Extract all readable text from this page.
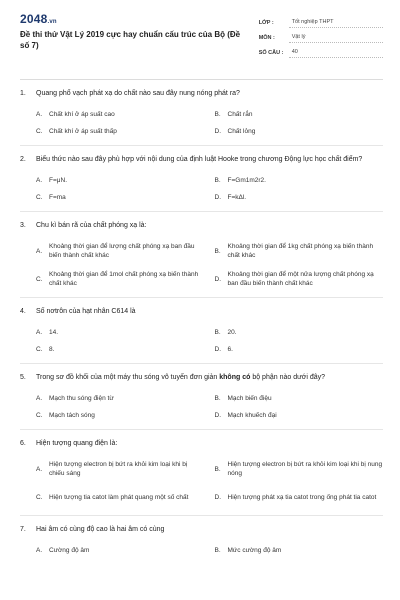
2048.vn
Đề thi thử Vật Lý 2019 cực hay chuẩn cấu trúc của Bộ (Đề số 7)
LỚP :	Tốt nghiệp THPT
MÔN :	Vật lý
SỐ CÂU :	40
1.	Quang phổ vạch phát xạ do chất nào sau đây nung nóng phát ra?
A.	Chất khí ở áp suất cao	B.	Chất rắn
C.	Chất khí ở áp suất thấp	D.	Chất lỏng
2.	Biểu thức nào sau đây phù hợp với nội dung của định luật Hooke trong chương Động lực học chất điểm?
A.	F=μN.	B.	F=Gm1m2r2.
C.	F=ma	D.	F=kΔl.
3.	Chu kì bán rã của chất phóng xạ là:
A.
Khoảng thời gian để lượng chất phóng xạ ban đầu biến thành chất khác
B.
Khoảng thời gian để 1kg chất phóng xạ biến thành chất khác
C.
Khoảng thời gian để 1mol chất phóng xạ biến thành chất khác
D.
Khoảng thời gian để một nửa lượng chất phóng xạ ban đầu biến thành chất khác
4.	Số nơtrôn của hạt nhân C614 là
A.	14.	B.	20.
C.	8.	D.	6.
5.	Trong sơ đồ khối của một máy thu sóng vô tuyến đơn giản không có bộ phận nào dưới đây?
A.	Mạch thu sóng điện từ	B.	Mạch biến điệu
C.	Mạch tách sóng	D.	Mạch khuếch đại
6.	Hiện tượng quang điện là:
A.
Hiện tượng electron bị bứt ra khỏi kim loại khi bị chiếu sáng
B.
Hiện tượng electron bị bứt ra khỏi kim loại khi bị nung nóng
C.	Hiện tượng tia catot làm phát quang một số chất	D.	Hiện tượng phát xạ tia catot trong ống phát tia catot
7.	Hai âm có cùng độ cao là hai âm có cùng
A.	Cường độ âm	B.	Mức cường độ âm
